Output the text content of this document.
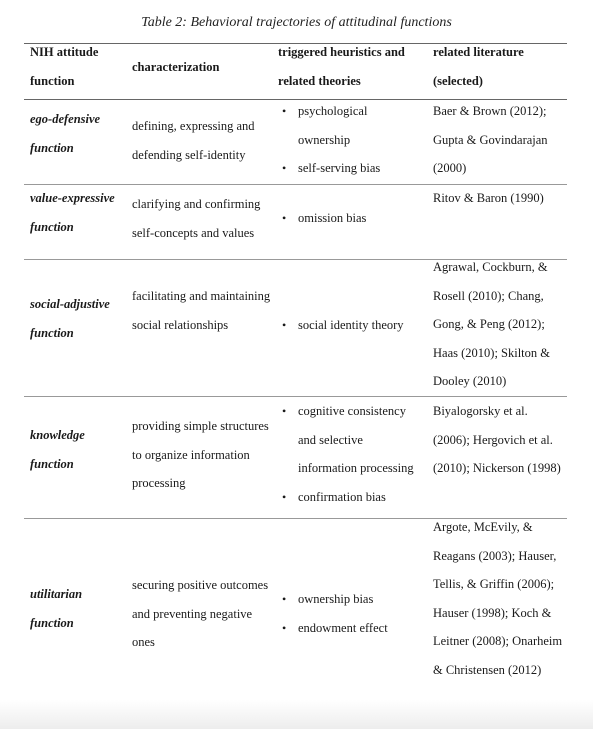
Table 2: Behavioral trajectories of attitudinal functions
NIH attitude function
characterization
triggered heuristics and related theories
related literature (selected)
ego-defensive function
defining, expressing and defending self-identity
• psychological ownership
• self-serving bias
Baer & Brown (2012); Gupta & Govindarajan (2000)
value-expressive function
clarifying and confirming self-concepts and values
• omission bias
Ritov & Baron (1990)
social-adjustive function
facilitating and maintaining social relationships
•	social identity theory
Agrawal, Cockburn, & Rosell (2010); Chang, Gong, & Peng (2012); Haas (2010); Skilton & Dooley (2010)
knowledge function
providing simple structures to organize information processing
• cognitive consistency and selective information processing
• confirmation bias
Biyalogorsky et al. (2006); Hergovich et al. (2010); Nickerson (1998)
utilitarian function
securing positive outcomes and preventing negative ones
• ownership bias
• endowment effect
Argote, McEvily, & Reagans (2003); Hauser, Tellis, & Griffin (2006); Hauser (1998); Koch & Leitner (2008); Onarheim & Christensen (2012)
